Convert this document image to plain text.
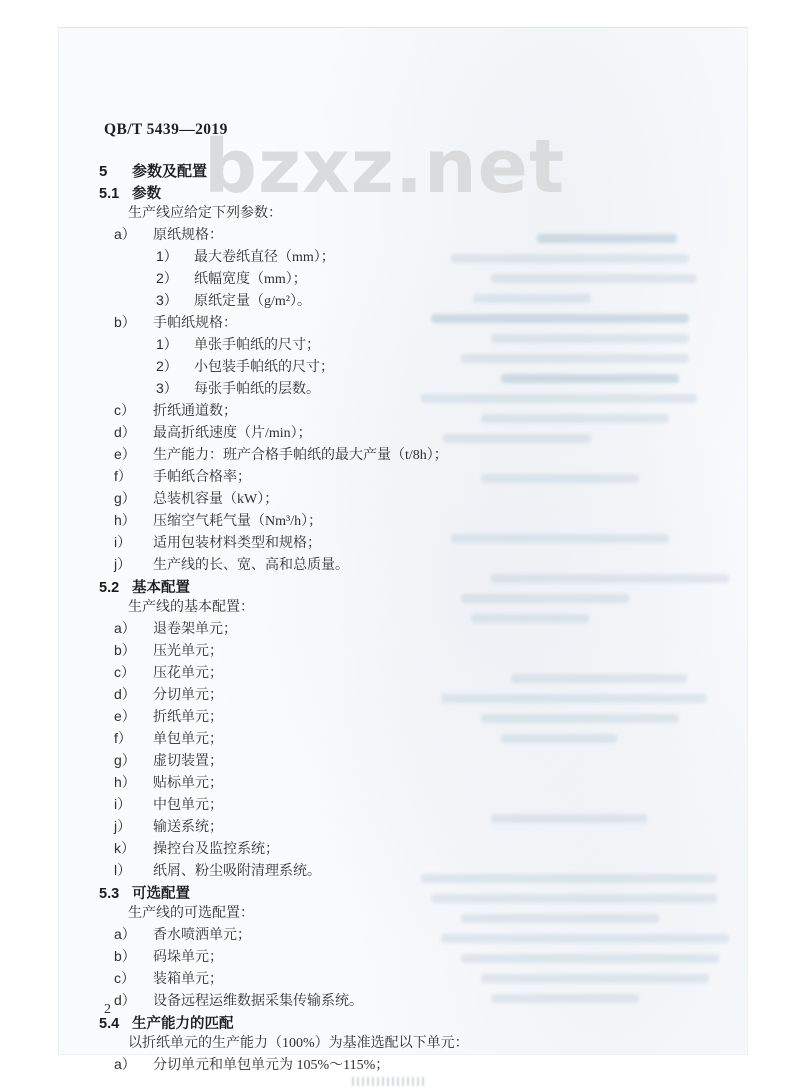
bzxz.net
QB/T 5439—2019
5 参数及配置
5.1 参数
生产线应给定下列参数：
a） 原纸规格：
1） 最大卷纸直径（mm）；
2） 纸幅宽度（mm）；
3） 原纸定量（g/m²）。
b） 手帕纸规格：
1） 单张手帕纸的尺寸；
2） 小包装手帕纸的尺寸；
3） 每张手帕纸的层数。
c） 折纸通道数；
d） 最高折纸速度（片/min）；
e） 生产能力：班产合格手帕纸的最大产量（t/8h）；
f） 手帕纸合格率；
g） 总装机容量（kW）；
h） 压缩空气耗气量（Nm³/h）；
i） 适用包装材料类型和规格；
j） 生产线的长、宽、高和总质量。
5.2 基本配置
生产线的基本配置：
a） 退卷架单元；
b） 压光单元；
c） 压花单元；
d） 分切单元；
e） 折纸单元；
f） 单包单元；
g） 虚切装置；
h） 贴标单元；
i） 中包单元；
j） 输送系统；
k） 操控台及监控系统；
l） 纸屑、粉尘吸附清理系统。
5.3 可选配置
生产线的可选配置：
a） 香水喷洒单元；
b） 码垛单元；
c） 装箱单元；
d） 设备远程运维数据采集传输系统。
5.4 生产能力的匹配
以折纸单元的生产能力（100%）为基准选配以下单元：
a） 分切单元和单包单元为 105%～115%；
2
